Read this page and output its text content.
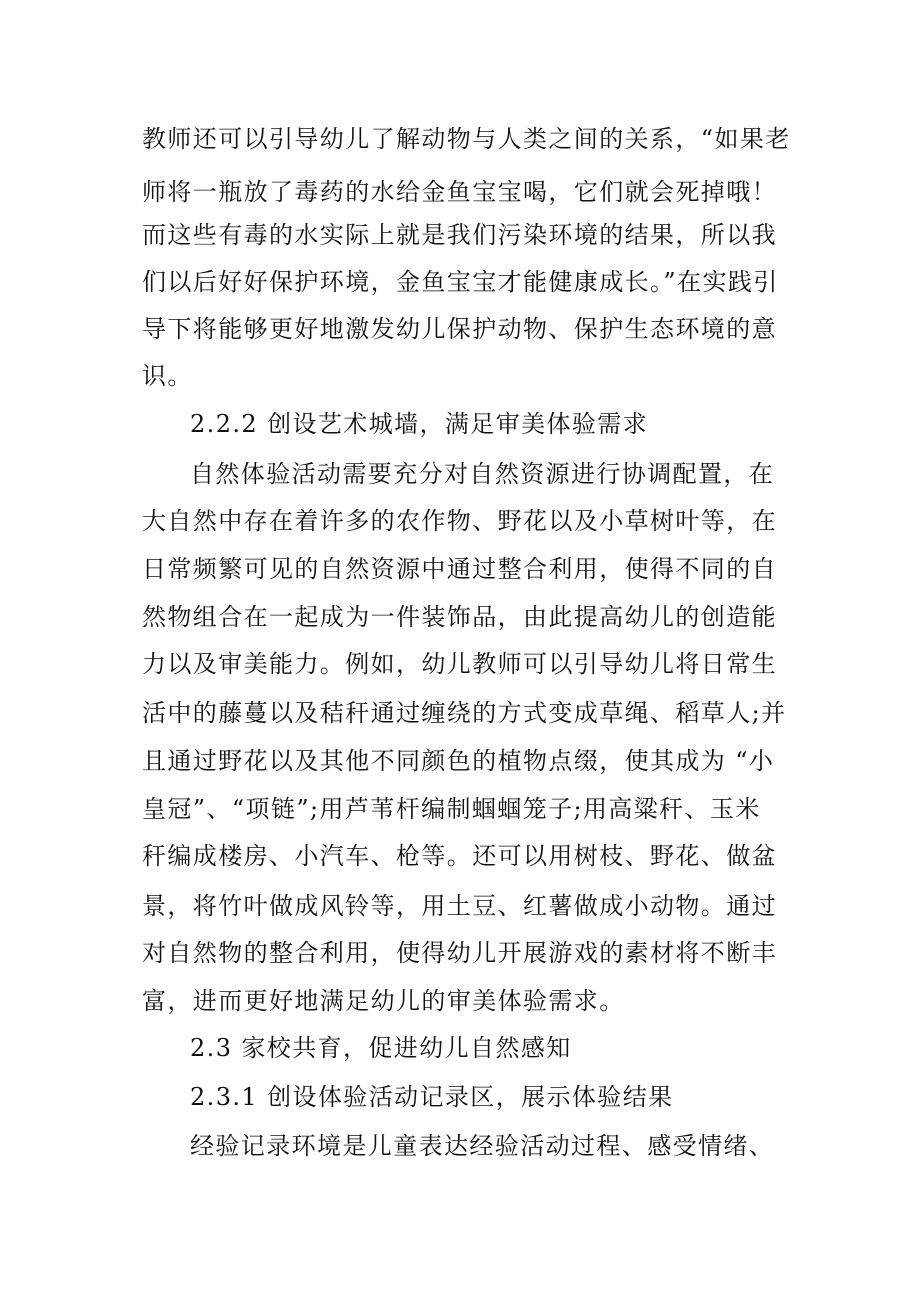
教师还可以引导幼儿了解动物与人类之间的关系，“如果老
师将一瓶放了毒药的水给金鱼宝宝喝，它们就会死掉哦！
而这些有毒的水实际上就是我们污染环境的结果，所以我
们以后好好保护环境，金鱼宝宝才能健康成长。”在实践引
导下将能够更好地激发幼儿保护动物、保护生态环境的意
识。
2.2.2 创设艺术城墙，满足审美体验需求
自然体验活动需要充分对自然资源进行协调配置，在
大自然中存在着许多的农作物、野花以及小草树叶等，在
日常频繁可见的自然资源中通过整合利用，使得不同的自
然物组合在一起成为一件装饰品，由此提高幼儿的创造能
力以及审美能力。例如，幼儿教师可以引导幼儿将日常生
活中的藤蔓以及秸秆通过缠绕的方式变成草绳、稻草人;并
且通过野花以及其他不同颜色的植物点缀，使其成为 “小
皇冠”、“项链”;用芦苇杆编制蝈蝈笼子;用高粱秆、玉米
秆编成楼房、小汽车、枪等。还可以用树枝、野花、做盆
景，将竹叶做成风铃等，用土豆、红薯做成小动物。通过
对自然物的整合利用，使得幼儿开展游戏的素材将不断丰
富，进而更好地满足幼儿的审美体验需求。
2.3 家校共育，促进幼儿自然感知
2.3.1 创设体验活动记录区，展示体验结果
经验记录环境是儿童表达经验活动过程、感受情绪、
